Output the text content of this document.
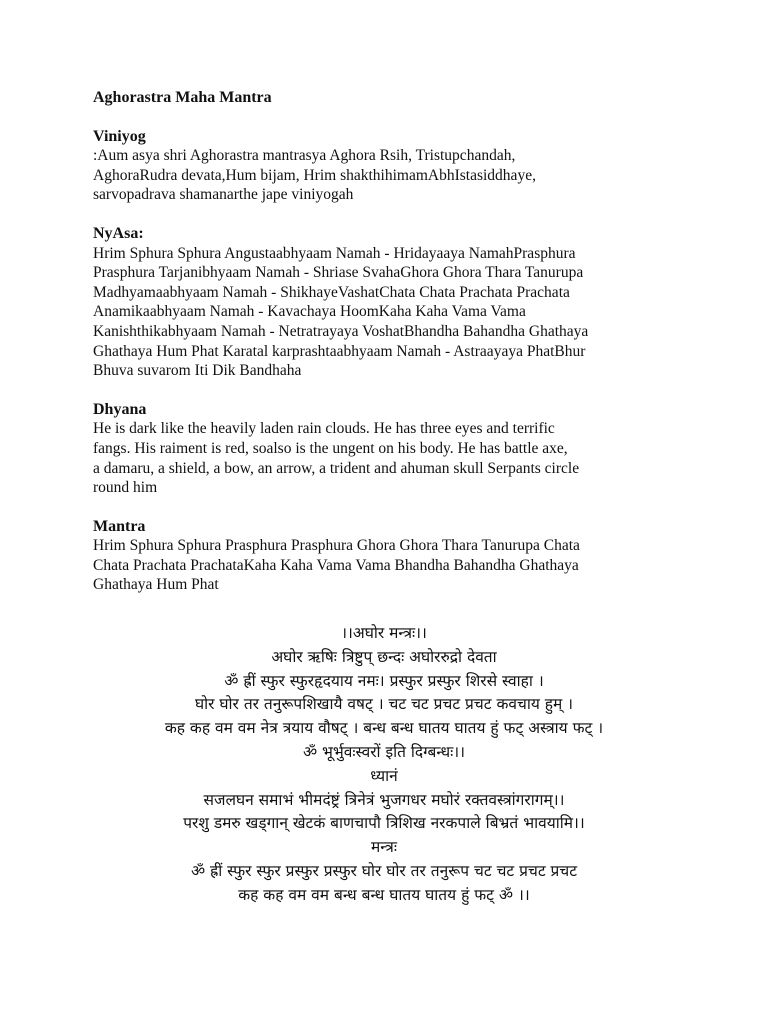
Aghorastra Maha Mantra

Viniyog

:Aum asya shri Aghorastra mantrasya Aghora Rsih, Tristupchandah,

AghoraRudra devata,Hum bijam, Hrim shakthihimamAbhIstasiddhaye,

sarvopadrava shamanarthe jape viniyogah

NyAsa:

Hrim Sphura Sphura Angustaabhyaam Namah - Hridayaaya NamahPrasphura

Prasphura Tarjanibhyaam Namah - Shriase SvahaGhora Ghora Thara Tanurupa

Madhyamaabhyaam Namah - ShikhayeVashatChata Chata Prachata Prachata

Anamikaabhyaam Namah - Kavachaya HoomKaha Kaha Vama Vama

Kanishthikabhyaam Namah - Netratrayaya VoshatBhandha Bahandha Ghathaya

Ghathaya Hum Phat Karatal karprashtaabhyaam Namah - Astraayaya PhatBhur

Bhuva suvarom Iti Dik Bandhaha

Dhyana

He is dark like the heavily laden rain clouds. He has three eyes and terrific

fangs. His raiment is red, soalso is the ungent on his body. He has battle axe,

a damaru, a shield, a bow, an arrow, a trident and ahuman skull Serpants circle

round him

Mantra

Hrim Sphura Sphura Prasphura Prasphura Ghora Ghora Thara Tanurupa Chata

Chata Prachata PrachataKaha Kaha Vama Vama Bhandha Bahandha Ghathaya

Ghathaya Hum Phat

।।अघोर मन्त्रः।।

अघोर ऋषिः त्रिष्टुप् छन्दः अघोररुद्रो देवता

ॐ ह्रीं स्फुर स्फुरहृदयाय नमः। प्रस्फुर प्रस्फुर शिरसे स्वाहा ।

घोर घोर तर तनुरूपशिखायै वषट् । चट चट प्रचट प्रचट कवचाय हुम् ।

कह कह वम वम नेत्र त्रयाय वौषट् । बन्ध बन्ध घातय घातय हुं फट् अस्त्राय फट् ।

ॐ भूर्भुवःस्वरों इति दिग्बन्धः।।

ध्यानं

सजलघन समाभं भीमदंष्ट्रं त्रिनेत्रं भुजगधर मघोरं रक्तवस्त्रांगरागम्।।

परशु डमरु खड्गान् खेटकं बाणचापौ त्रिशिख नरकपाले बिभ्रतं भावयामि।।

मन्त्रः

ॐ ह्रीं स्फुर स्फुर प्रस्फुर प्रस्फुर घोर घोर तर तनुरूप चट चट प्रचट प्रचट

कह कह वम वम बन्ध बन्ध घातय घातय हुं फट् ॐ ।।
